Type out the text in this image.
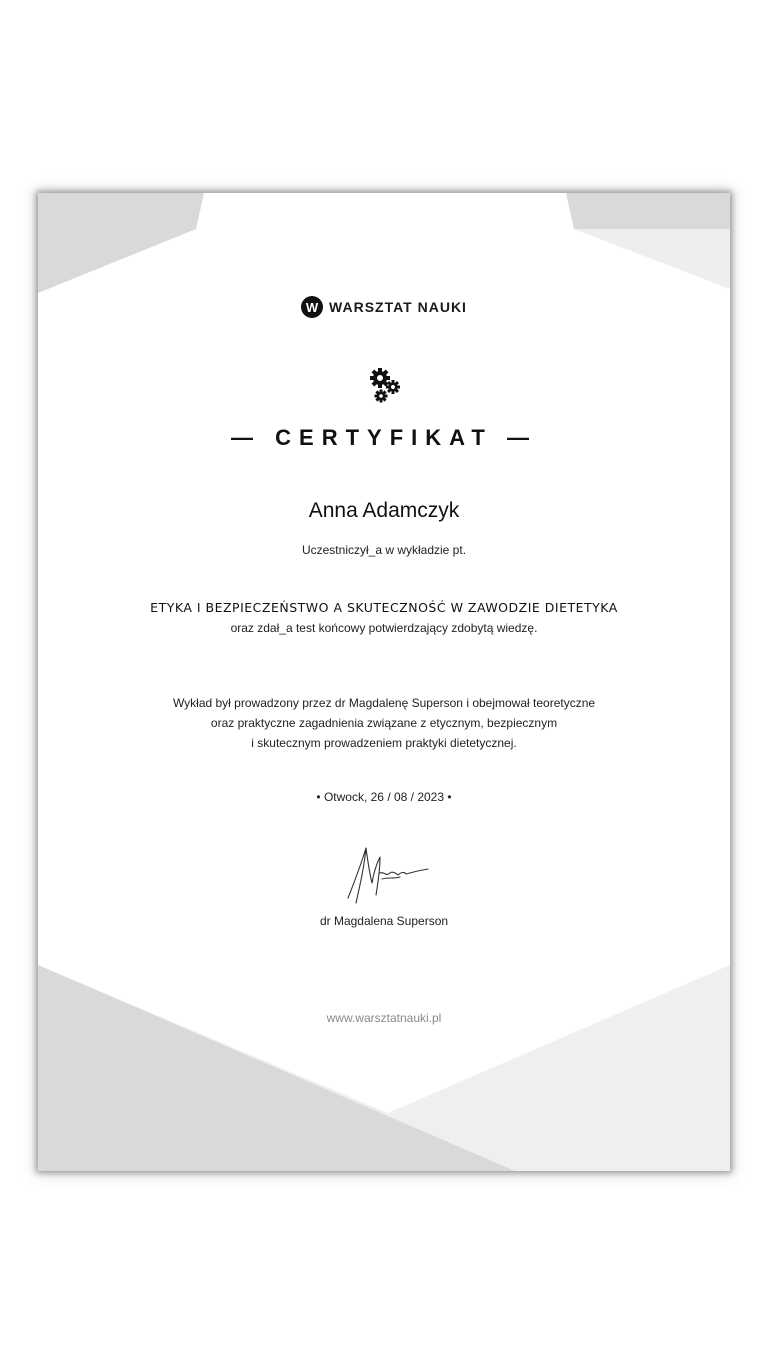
W WARSZTAT NAUKI
— CERTYFIKAT —
Anna Adamczyk
Uczestniczył_a w wykładzie pt.
ETYKA I BEZPIECZEŃSTWO A SKUTECZNOŚĆ W ZAWODZIE DIETETYKA
oraz zdał_a test końcowy potwierdzający zdobytą wiedzę.
Wykład był prowadzony przez dr Magdalenę Superson i obejmował teoretyczne
oraz praktyczne zagadnienia związane z etycznym, bezpiecznym
i skutecznym prowadzeniem praktyki dietetycznej.
• Otwock, 26 / 08 / 2023 •
dr Magdalena Superson
www.warsztatnauki.pl
